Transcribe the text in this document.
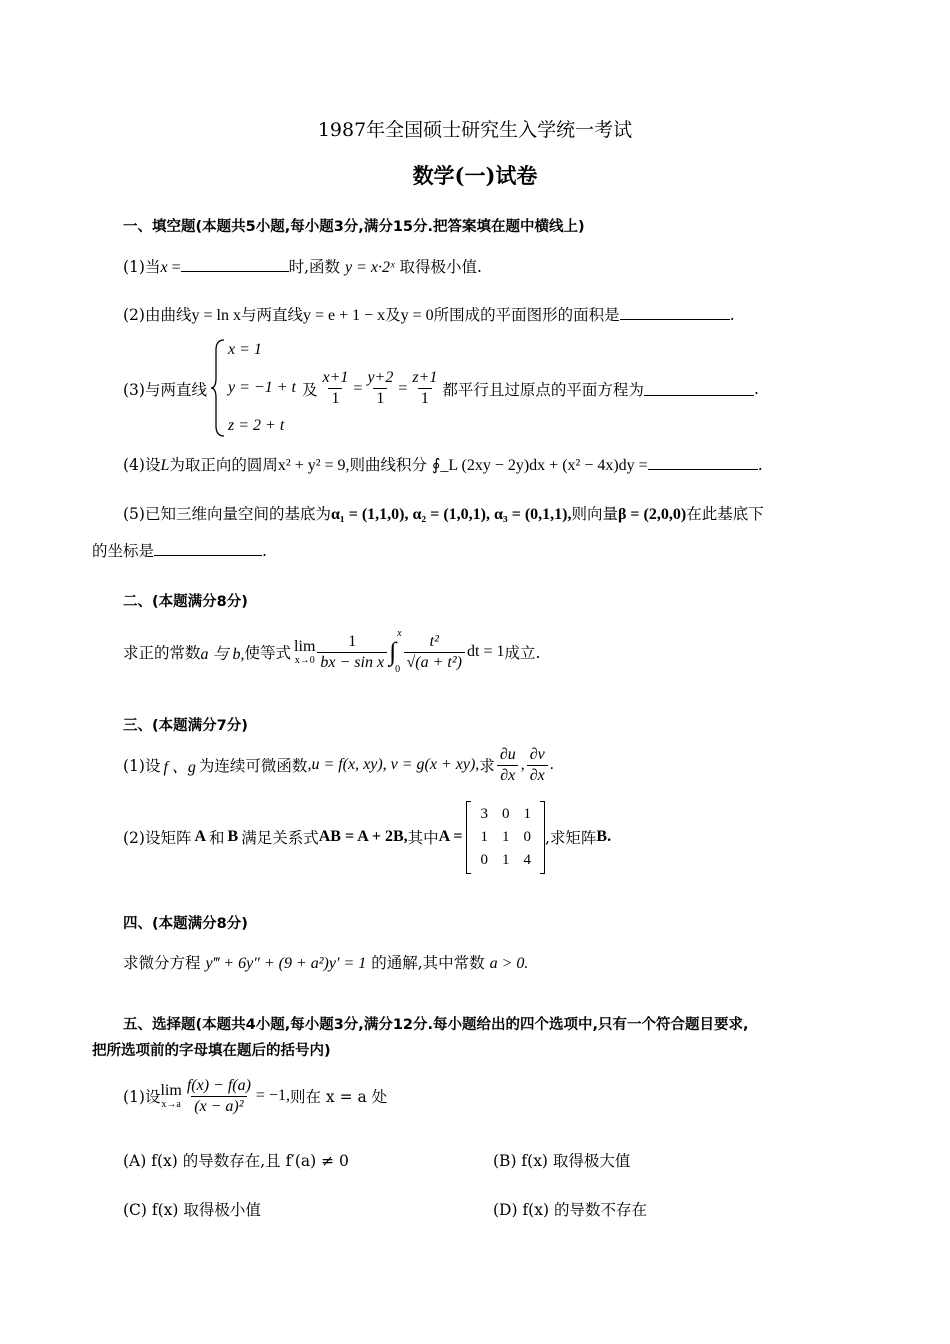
1987年全国硕士研究生入学统一考试
数学(一)试卷
一、填空题(本题共5小题,每小题3分,满分15分.把答案填在题中横线上)
(1)当x =	时,函数 y = x·2ˣ 取得极小值.
(2)由曲线y = ln x与两直线y = e + 1 − x及y = 0所围成的平面图形的面积是	.
(3)与两直线
x = 1
y = −1 + t
z = 2 + t
及 $\frac{x+1}{1} = \frac{y+2}{1} = \frac{z+1}{1}$ 都平行且过原点的平面方程为	.
(4)设L为取正向的圆周x² + y² = 9,则曲线积分 ∮_L (2xy − 2y)dx + (x² − 4x)dy =	.
(5)已知三维向量空间的基底为α₁ = (1,1,0), α₂ = (1,0,1), α₃ = (0,1,1),则向量β = (2,0,0)在此基底下
的坐标是	.
二、(本题满分8分)
求正的常数 a 与 b, 使等式 lim
$x\to 0 \frac{1}{\text{bx − sin x}}$ x
∫
$0 \frac{\text{t²}}{\text{√(a + t²)}}$ dt = 1 成立.
三、(本题满分7分)
(1)设 f 、g 为连续可微函数 ,u = f(x, xy), v = g(x + xy), 求 $\frac{\partial u}{\partial x}$ , $\frac{\partial v}{\partial x}$ .
(2)设矩阵 A 和 B 满足关系式 AB = A + 2B, 其中 A =
3	0	1
1	1	0
0	1	4
,求矩阵 B.
四、(本题满分8分)
求微分方程 y‴ + 6y″ + (9 + a²)y′ = 1 的通解,其中常数 a > 0.
五、选择题(本题共4小题,每小题3分,满分12分.每小题给出的四个选项中,只有一个符合题目要求,
把所选项前的字母填在题后的括号内)
(1)设 lim
$x\to a \frac{f(x) - f(a)}{\text{(x − a)²}} = -1$, 则在 x = a 处
(A) f(x) 的导数存在,且 f′(a) ≠ 0	(B) f(x) 取得极大值
(C) f(x) 取得极小值	(D) f(x) 的导数不存在
